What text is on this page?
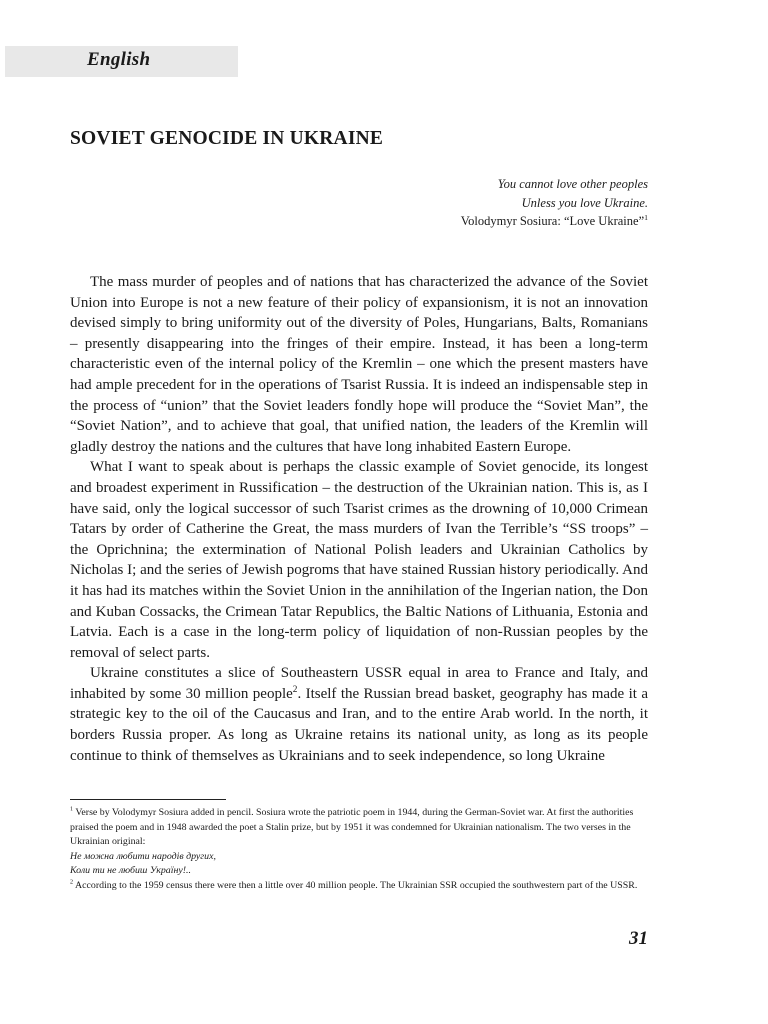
English
SOVIET GENOCIDE IN UKRAINE
You cannot love other peoples
Unless you love Ukraine.
Volodymyr Sosiura: “Love Ukraine”$^1$

The mass murder of peoples and of nations that has characterized the advance of the Soviet Union into Europe is not a new feature of their policy of expansionism, it is not an innovation devised simply to bring uniformity out of the diversity of Poles, Hungarians, Balts, Romanians – presently disappearing into the fringes of their empire. Instead, it has been a long-term characteristic even of the internal policy of the Kremlin – one which the present masters have had ample precedent for in the operations of Tsarist Russia. It is indeed an indispensable step in the process of “union” that the Soviet leaders fondly hope will produce the “Soviet Man”, the “Soviet Nation”, and to achieve that goal, that unified nation, the leaders of the Kremlin will gladly destroy the nations and the cultures that have long inhabited Eastern Europe.

What I want to speak about is perhaps the classic example of Soviet genocide, its longest and broadest experiment in Russification – the destruction of the Ukrainian nation. This is, as I have said, only the logical successor of such Tsarist crimes as the drowning of 10,000 Crimean Tatars by order of Catherine the Great, the mass murders of Ivan the Terrible’s “SS troops” – the Oprichnina; the extermination of National Polish leaders and Ukrainian Catholics by Nicholas I; and the series of Jewish pogroms that have stained Russian history periodically. And it has had its matches within the Soviet Union in the annihilation of the Ingerian nation, the Don and Kuban Cossacks, the Crimean Tatar Republics, the Baltic Nations of Lithuania, Estonia and Latvia. Each is a case in the long-term policy of liquidation of non-Russian peoples by the removal of select parts.

Ukraine constitutes a slice of Southeastern USSR equal in area to France and Italy, and inhabited by some 30 million people$^2$. Itself the Russian bread basket, geography has made it a strategic key to the oil of the Caucasus and Iran, and to the entire Arab world. In the north, it borders Russia proper. As long as Ukraine retains its national unity, as long as its people continue to think of themselves as Ukrainians and to seek independence, so long Ukraine

$^1$ Verse by Volodymyr Sosiura added in pencil. Sosiura wrote the patriotic poem in 1944, during the German-Soviet war. At first the authorities praised the poem and in 1948 awarded the poet a Stalin prize, but by 1951 it was condemned for Ukrainian nationalism. The two verses in the Ukrainian original:

Не можна любити народів других,

Коли ти не любиш Україну!..

$^2$ According to the 1959 census there were then a little over 40 million people. The Ukrainian SSR occupied the southwestern part of the USSR.

31
